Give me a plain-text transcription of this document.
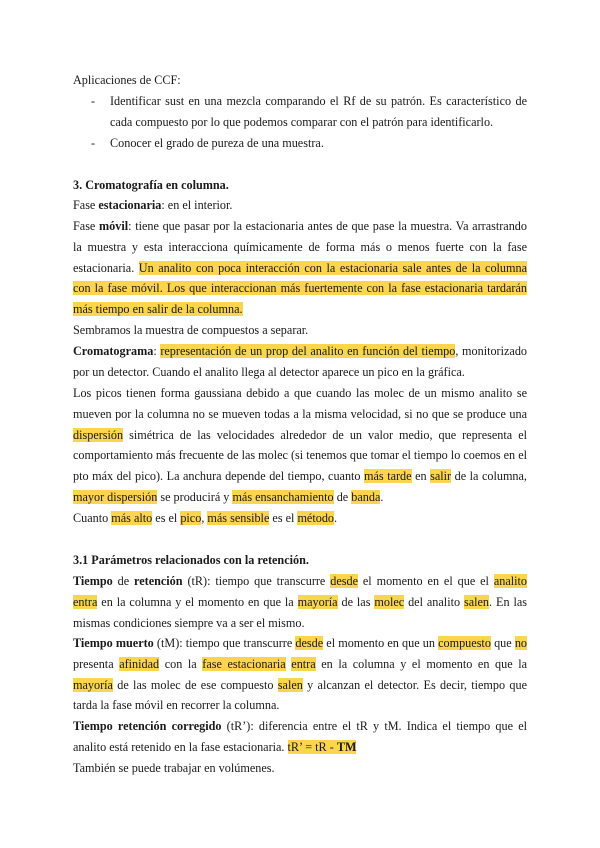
Aplicaciones de CCF:
- Identificar sust en una mezcla comparando el Rf de su patrón. Es característico de cada compuesto por lo que podemos comparar con el patrón para identificarlo.
- Conocer el grado de pureza de una muestra.
3. Cromatografía en columna.
Fase estacionaria: en el interior.
Fase móvil: tiene que pasar por la estacionaria antes de que pase la muestra. Va arrastrando la muestra y esta interacciona químicamente de forma más o menos fuerte con la fase estacionaria. Un analito con poca interacción con la estacionaria sale antes de la columna con la fase móvil. Los que interaccionan más fuertemente con la fase estacionaria tardarán más tiempo en salir de la columna.
Sembramos la muestra de compuestos a separar.
Cromatograma: representación de un prop del analito en función del tiempo, monitorizado por un detector. Cuando el analito llega al detector aparece un pico en la gráfica.
Los picos tienen forma gaussiana debido a que cuando las molec de un mismo analito se mueven por la columna no se mueven todas a la misma velocidad, si no que se produce una dispersión simétrica de las velocidades alrededor de un valor medio, que representa el comportamiento más frecuente de las molec (si tenemos que tomar el tiempo lo coemos en el pto máx del pico). La anchura depende del tiempo, cuanto más tarde en salir de la columna, mayor dispersión se producirá y más ensanchamiento de banda.
Cuanto más alto es el pico, más sensible es el método.
3.1 Parámetros relacionados con la retención.
Tiempo de retención (tR): tiempo que transcurre desde el momento en el que el analito entra en la columna y el momento en que la mayoría de las molec del analito salen. En las mismas condiciones siempre va a ser el mismo.
Tiempo muerto (tM): tiempo que transcurre desde el momento en que un compuesto que no presenta afinidad con la fase estacionaria entra en la columna y el momento en que la mayoría de las molec de ese compuesto salen y alcanzan el detector. Es decir, tiempo que tarda la fase móvil en recorrer la columna.
Tiempo retención corregido (tR’): diferencia entre el tR y tM. Indica el tiempo que el analito está retenido en la fase estacionaria. tR’ = tR - TM
También se puede trabajar en volúmenes.
